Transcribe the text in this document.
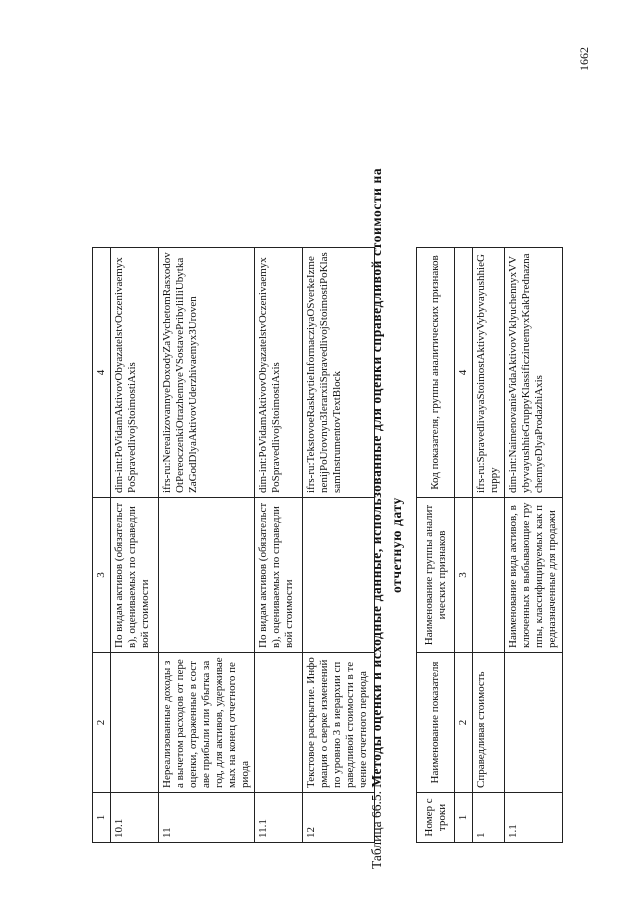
1	2	3	4
10.1		По видам активов (обязательств), оцениваемых по справедливой стоимости	dim-int:PoVidamAktivovObyazatelstvOczenivaemyxPoSpravedlivojStoimostiAxis
11	Нереализованные доходы за вычетом расходов от переоценки, отраженные в составе прибыли или убытка за год, для активов, удерживаемых на конец отчетного периода		ifrs-ru:NerealizovannyeDoxodyZaVychetomRasxodovOtPereoczenkiOtrazhennyeVSostavePribyliIliUbytkaZaGodDlyaAktivovUderzhivaemyx3Uroven
11.1		По видам активов (обязательств), оцениваемых по справедливой стоимости	dim-int:PoVidamAktivovObyazatelstvOczenivaemyxPoSpravedlivojStoimostiAxis
12	Текстовое раскрытие. Информация о сверке изменений по уровню 3 в иерархии справедливой стоимости в течение отчетного периода		ifrs-ru:TekstovoeRaskrytieInformacziyaOSverkeIzmenenijPoUrovnyu3IerarxiiSpravedlivojStoimostiPoKlassamInstrumentovTextBlock
Таблица 66.5. Методы оценки и исходные данные, использованные для оценки справедливой стоимости на отчетную дату
Номер строки	Наименование показателя	Наименование группы аналитических признаков	Код показателя, группы аналитических признаков
1	2	3	4
1	Справедливая стоимость		ifrs-ru:SpravedlivayaStoimostAktivyVybyvayushhieGruppy
1.1		Наименование вида активов, включенных в выбывающие группы, классифицируемых как предназначенные для продажи	dim-int:NaimenovanieVidaAktivovVklyuchennyxVVybyvayushhieGruppyKlassificziruemyxKakPrednaznachennyeDlyaProdazhiAxis
1662
